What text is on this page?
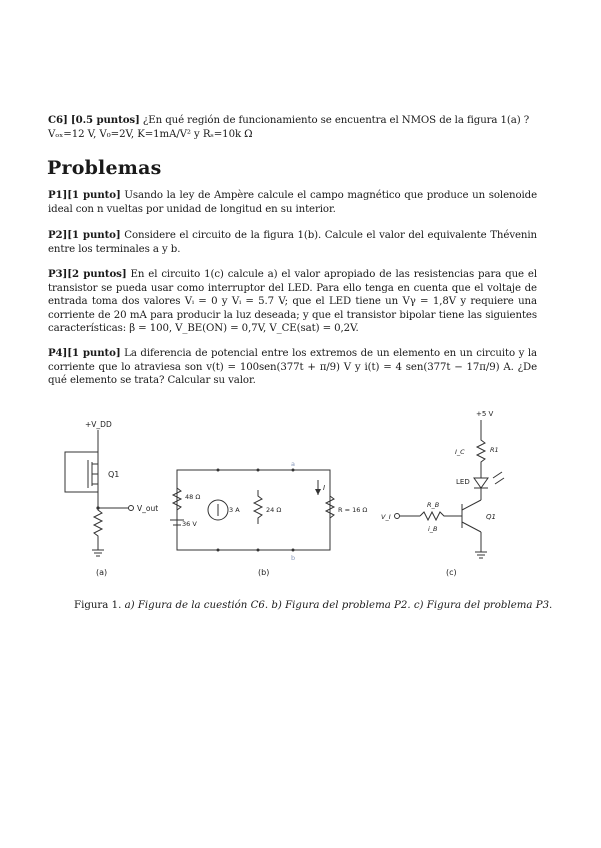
C6] [0.5 puntos] ¿En qué región de funcionamiento se encuentra el NMOS de la figura 1(a) ?
Vₒₓ=12 V, V₀=2V, K=1mA/V² y Rₛ=10k Ω
Problemas
P1][1 punto] Usando la ley de Ampère calcule el campo magnético que produce un solenoide ideal con n vueltas por unidad de longitud en su interior.
P2][1 punto] Considere el circuito de la figura 1(b). Calcule el valor del equivalente Thévenin entre los terminales a y b.
P3][2 puntos] En el circuito 1(c) calcule a) el valor apropiado de las resistencias para que el transistor se pueda usar como interruptor del LED. Para ello tenga en cuenta que el voltaje de entrada toma dos valores Vᵢ = 0 y Vᵢ = 5.7 V; que el LED tiene un Vγ = 1,8V y requiere una corriente de 20 mA para producir la luz deseada; y que el transistor bipolar tiene las siguientes características: β = 100, V_BE(ON) = 0,7V, V_CE(sat) = 0,2V.
P4][1 punto] La diferencia de potencial entre los extremos de un elemento en un circuito y la corriente que lo atraviesa son v(t) = 100sen(377t + π/9) V y i(t) = 4 sen(377t − 17π/9) A. ¿De qué elemento se trata? Calcular su valor.
+V_DD
Q1
V_out
(a)
48 Ω
36 V
3 A	24 Ω	R = 16 Ω
I
a
b
(b)
+5 V
I_C	R1
LED
R_B
V_I
i_B
Q1
(c)
Figura 1. a) Figura de la cuestión C6. b) Figura del problema P2. c) Figura del problema P3.
